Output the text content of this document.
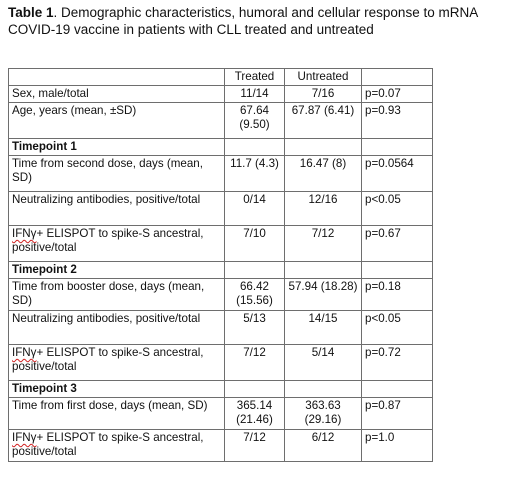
Table 1. Demographic characteristics, humoral and cellular response to mRNA COVID-19 vaccine in patients with CLL treated and untreated
	Treated	Untreated	
Sex, male/total	11/14	7/16	p=0.07
Age, years (mean, ±SD)	67.64 (9.50)	67.87 (6.41)	p=0.93
Timepoint 1			
Time from second dose, days (mean, SD)	11.7 (4.3)	16.47 (8)	p=0.0564
Neutralizing antibodies, positive/total	0/14	12/16	p<0.05
IFNγ+ ELISPOT to spike-S ancestral, positive/total	7/10	7/12	p=0.67
Timepoint 2			
Time from booster dose, days (mean, SD)	66.42 (15.56)	57.94 (18.28)	p=0.18
Neutralizing antibodies, positive/total	5/13	14/15	p<0.05
IFNγ+ ELISPOT to spike-S ancestral, positive/total	7/12	5/14	p=0.72
Timepoint 3			
Time from first dose, days (mean, SD)	365.14 (21.46)	363.63 (29.16)	p=0.87
IFNγ+ ELISPOT to spike-S ancestral, positive/total	7/12	6/12	p=1.0
